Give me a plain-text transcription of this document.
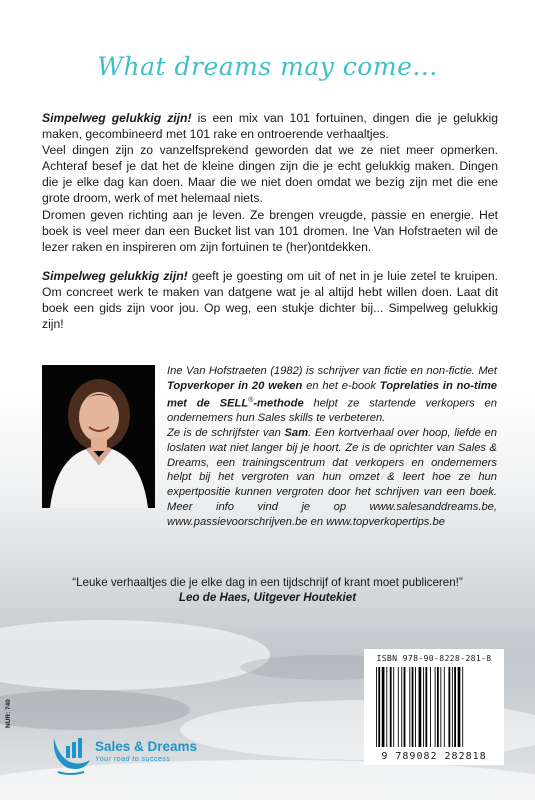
What dreams may come...

Simpelweg gelukkig zijn! is een mix van 101 fortuinen, dingen die je gelukkig maken, gecombineerd met 101 rake en ontroerende verhaaltjes.

Veel dingen zijn zo vanzelfsprekend geworden dat we ze niet meer opmerken. Achteraf besef je dat het de kleine dingen zijn die je echt gelukkig maken. Dingen die je elke dag kan doen. Maar die we niet doen omdat we bezig zijn met die ene grote droom, werk of met helemaal niets.

Dromen geven richting aan je leven. Ze brengen vreugde, passie en energie. Het boek is veel meer dan een Bucket list van 101 dromen. Ine Van Hofstraeten wil de lezer raken en inspireren om zijn fortuinen te (her)ontdekken.

Simpelweg gelukkig zijn! geeft je goesting om uit of net in je luie zetel te kruipen. Om concreet werk te maken van datgene wat je al altijd hebt willen doen. Laat dit boek een gids zijn voor jou. Op weg, een stukje dichter bij... Simpelweg gelukkig zijn!

Ine Van Hofstraeten (1982) is schrijver van fictie en non-fictie. Met Topverkoper in 20 weken en het e-book Toprelaties in no-time met de SELL®-methode helpt ze startende verkopers en ondernemers hun Sales skills te verbeteren.

Ze is de schrijfster van Sam. Een kortverhaal over hoop, liefde en loslaten wat niet langer bij je hoort. Ze is de oprichter van Sales & Dreams, een trainingscentrum dat verkopers en ondernemers helpt bij het vergroten van hun omzet & leert hoe ze hun expertpositie kunnen vergroten door het schrijven van een boek. Meer info vind je op www.salesanddreams.be, www.passievoorschrijven.be en www.topverkopertips.be

“Leuke verhaaltjes die je elke dag in een tijdschrijf of krant moet publiceren!”
Leo de Haes, Uitgever Houtekiet
ISBN 978-90-8228-281-8
9 789082 282818
NUR: 740
Sales & Dreams
Your road to success
